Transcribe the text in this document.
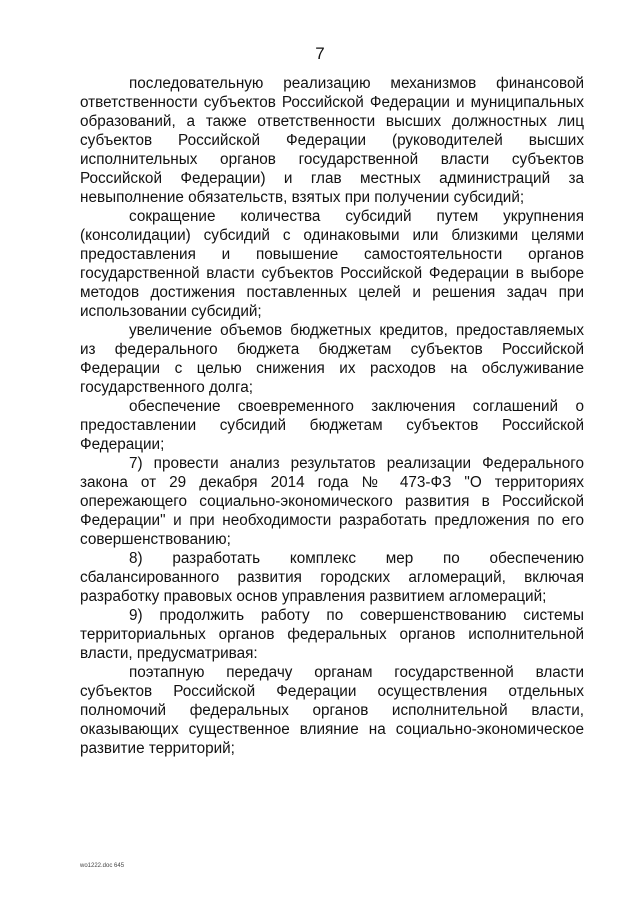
7

последовательную реализацию механизмов финансовой ответственности субъектов Российской Федерации и муниципальных образований, а также ответственности высших должностных лиц субъектов Российской Федерации (руководителей высших исполнительных органов государственной власти субъектов Российской Федерации) и глав местных администраций за невыполнение обязательств, взятых при получении субсидий;

сокращение количества субсидий путем укрупнения (консолидации) субсидий с одинаковыми или близкими целями предоставления и повышение самостоятельности органов государственной власти субъектов Российской Федерации в выборе методов достижения поставленных целей и решения задач при использовании субсидий;

увеличение объемов бюджетных кредитов, предоставляемых из федерального бюджета бюджетам субъектов Российской Федерации с целью снижения их расходов на обслуживание государственного долга;

обеспечение своевременного заключения соглашений о предоставлении субсидий бюджетам субъектов Российской Федерации;

7) провести анализ результатов реализации Федерального закона от 29 декабря 2014 года № 473-ФЗ "О территориях опережающего социально-экономического развития в Российской Федерации" и при необходимости разработать предложения по его совершенствованию;

8) разработать комплекс мер по обеспечению сбалансированного развития городских агломераций, включая разработку правовых основ управления развитием агломераций;

9) продолжить работу по совершенствованию системы территориальных органов федеральных органов исполнительной власти, предусматривая:

поэтапную передачу органам государственной власти субъектов Российской Федерации осуществления отдельных полномочий федеральных органов исполнительной власти, оказывающих существенное влияние на социально-экономическое развитие территорий;

wo1222.doc 645
